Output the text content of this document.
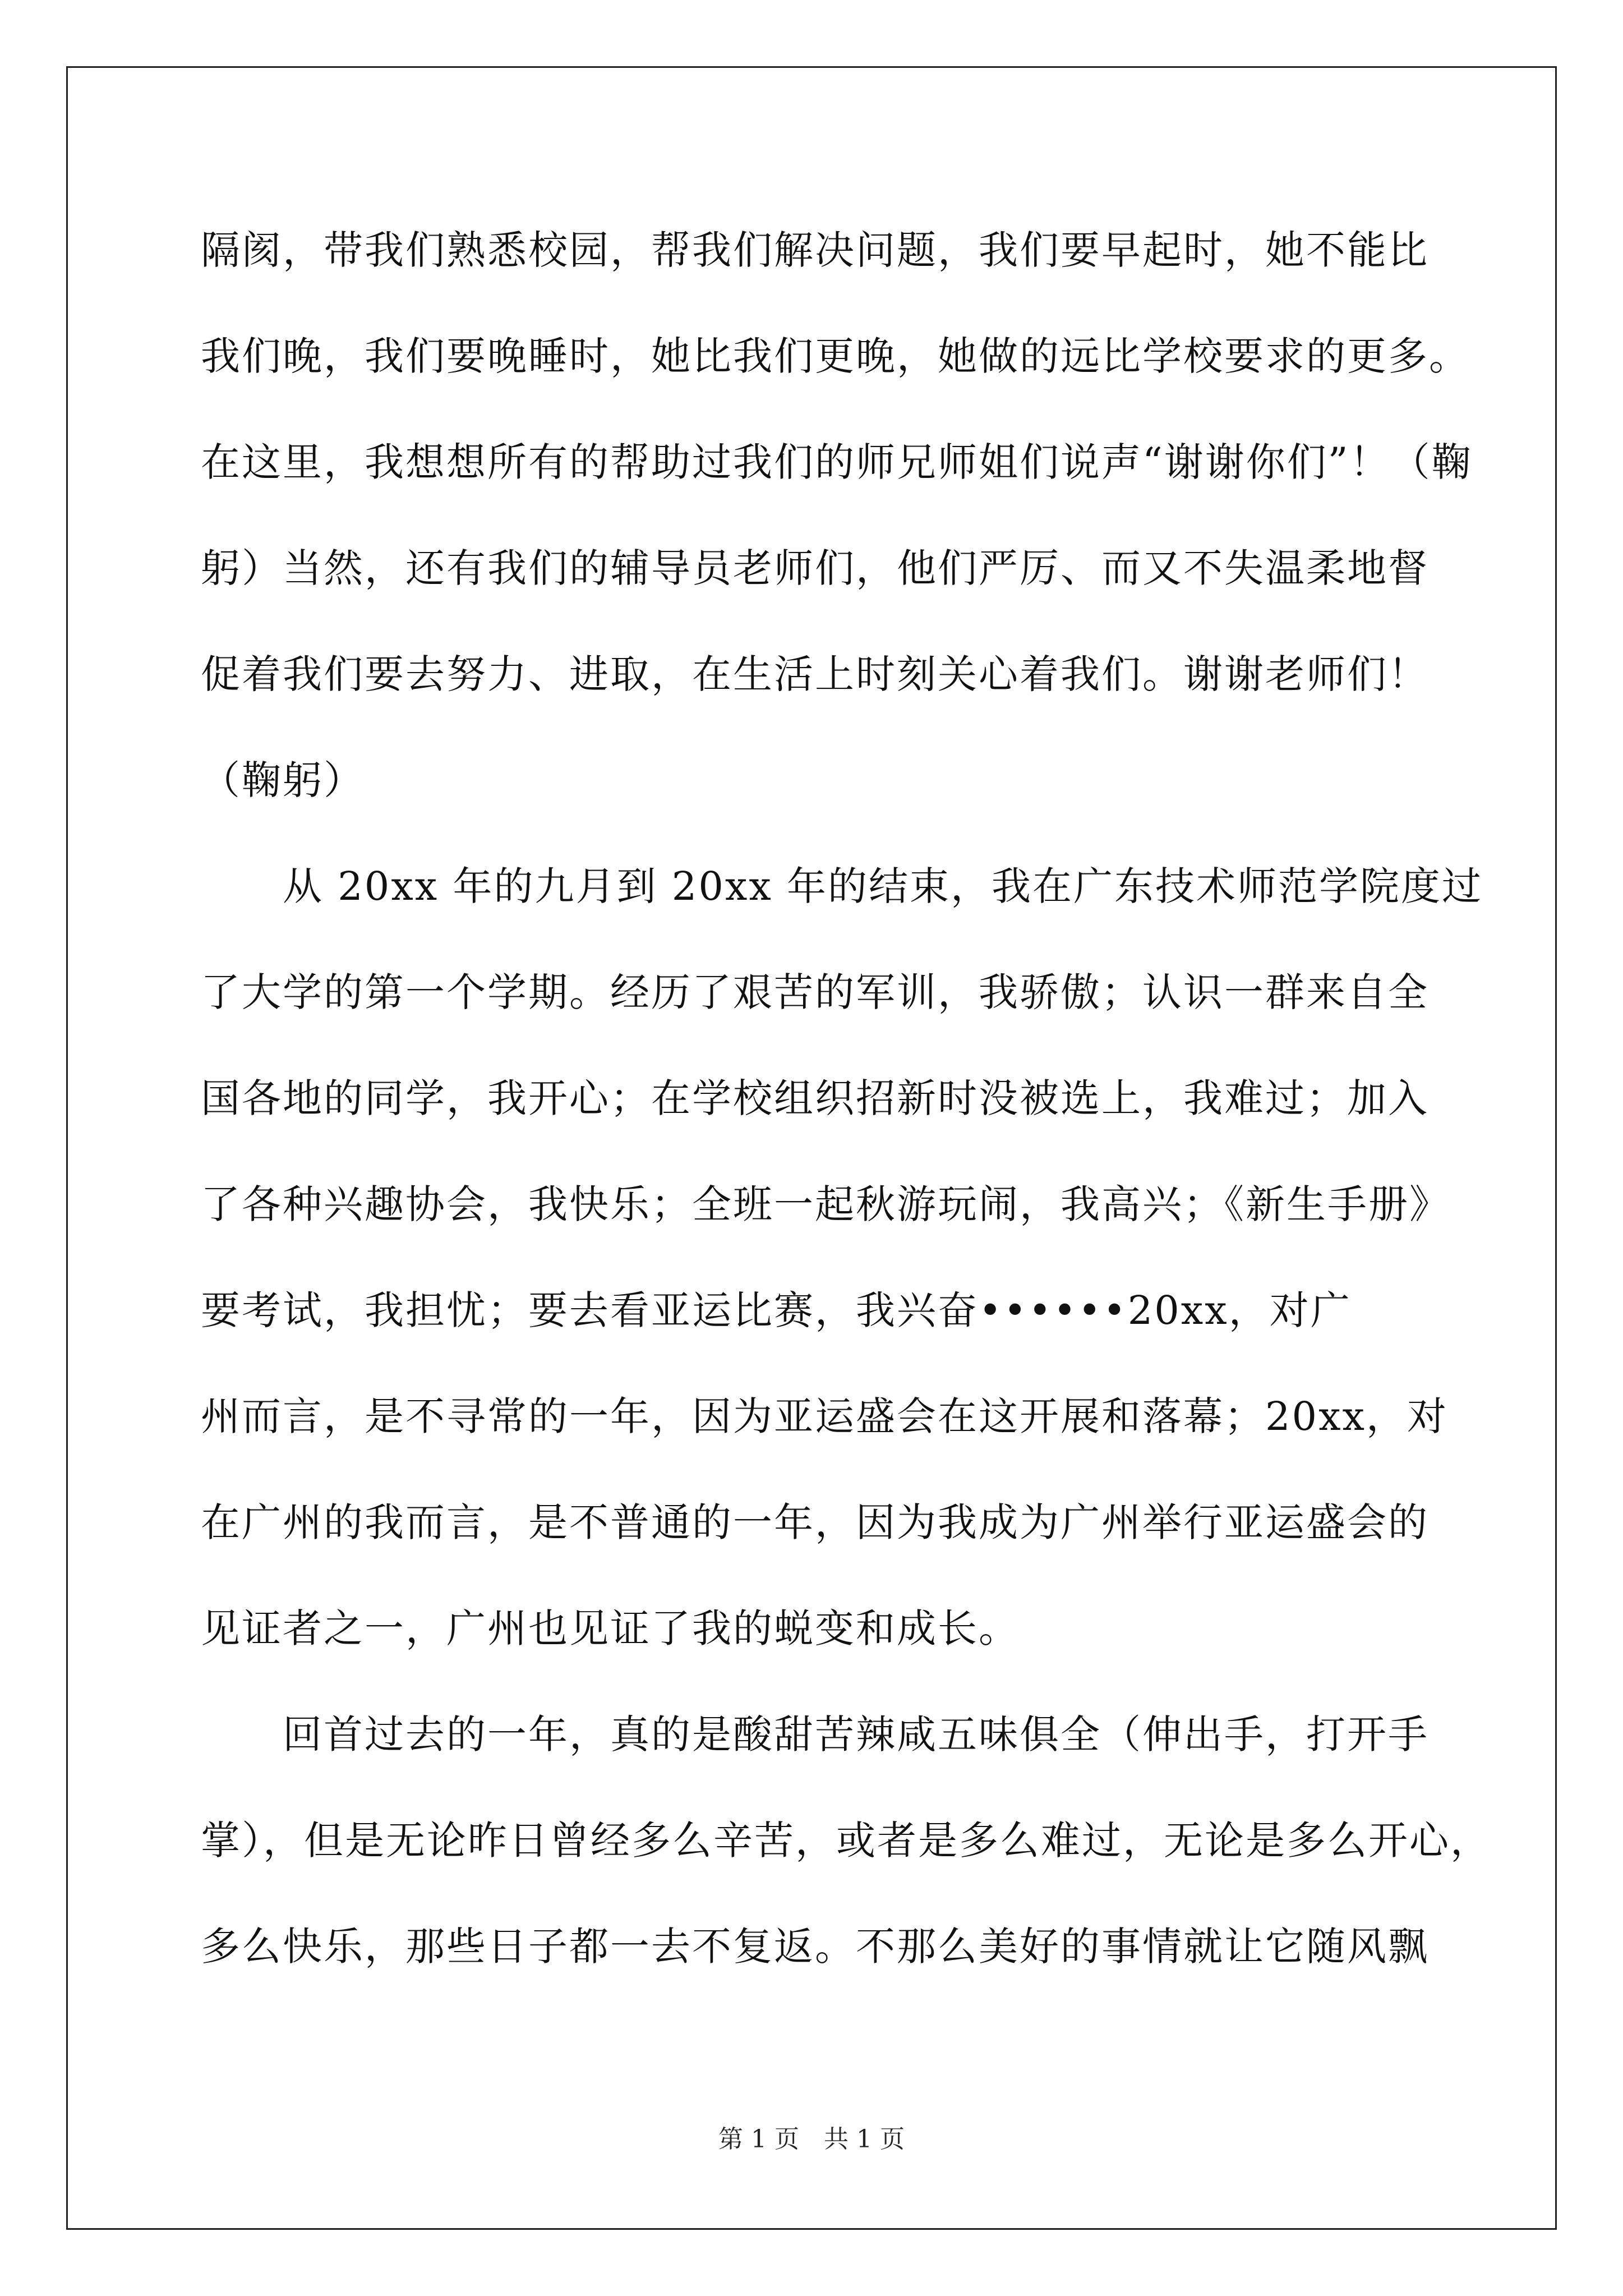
隔阂，带我们熟悉校园，帮我们解决问题，我们要早起时，她不能比
我们晚，我们要晚睡时，她比我们更晚，她做的远比学校要求的更多。
在这里，我想想所有的帮助过我们的师兄师姐们说声“谢谢你们”！（鞠
躬）当然，还有我们的辅导员老师们，他们严厉、而又不失温柔地督
促着我们要去努力、进取，在生活上时刻关心着我们。谢谢老师们！
（鞠躬）
　　从 20xx 年的九月到 20xx 年的结束，我在广东技术师范学院度过
了大学的第一个学期。经历了艰苦的军训，我骄傲；认识一群来自全
国各地的同学，我开心；在学校组织招新时没被选上，我难过；加入
了各种兴趣协会，我快乐；全班一起秋游玩闹，我高兴；《新生手册》
要考试，我担忧；要去看亚运比赛，我兴奋••••••20xx，对广
州而言，是不寻常的一年，因为亚运盛会在这开展和落幕；20xx，对
在广州的我而言，是不普通的一年，因为我成为广州举行亚运盛会的
见证者之一，广州也见证了我的蜕变和成长。
　　回首过去的一年，真的是酸甜苦辣咸五味俱全（伸出手，打开手
掌），但是无论昨日曾经多么辛苦，或者是多么难过，无论是多么开心，
多么快乐，那些日子都一去不复返。不那么美好的事情就让它随风飘
第 1 页　共 1 页
